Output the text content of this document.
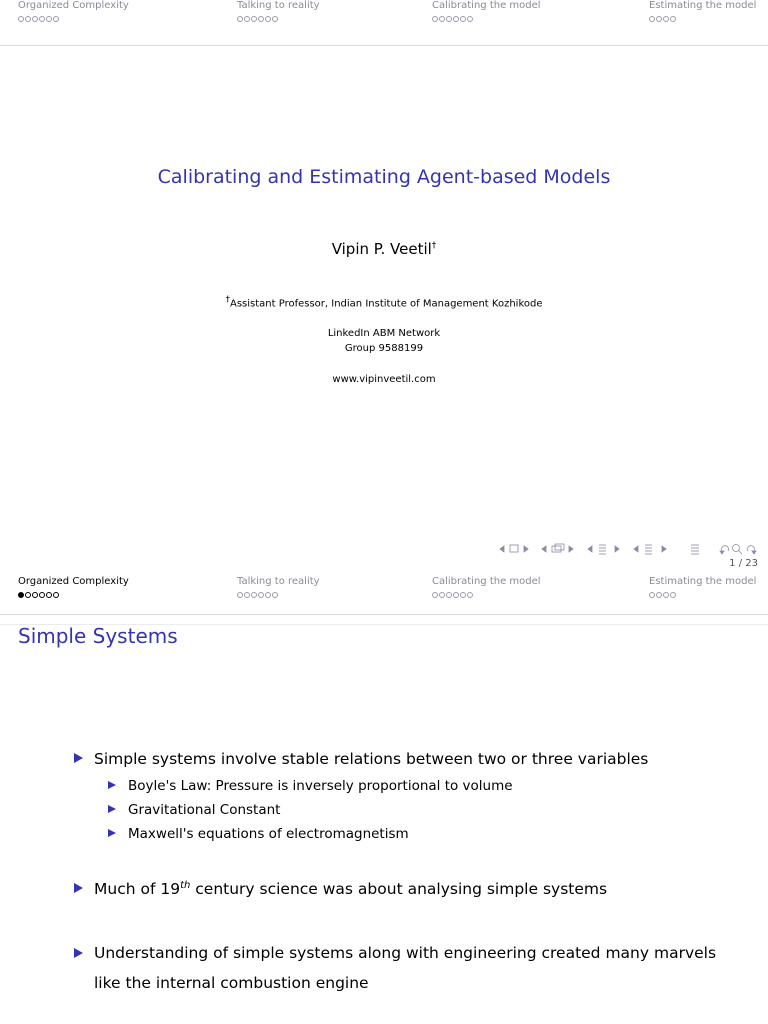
Organized Complexity	Talking to reality	Calibrating the model	Estimating the model
Calibrating and Estimating Agent-based Models
Vipin P. Veetil†
†Assistant Professor, Indian Institute of Management Kozhikode
LinkedIn ABM Network
Group 9588199
www.vipinveetil.com
1 / 23
Organized Complexity	Talking to reality	Calibrating the model	Estimating the model
Simple Systems
Simple systems involve stable relations between two or three variables
Boyle's Law: Pressure is inversely proportional to volume
Gravitational Constant
Maxwell's equations of electromagnetism
Much of 19th century science was about analysing simple systems
Understanding of simple systems along with engineering created many marvels
like the internal combustion engine
